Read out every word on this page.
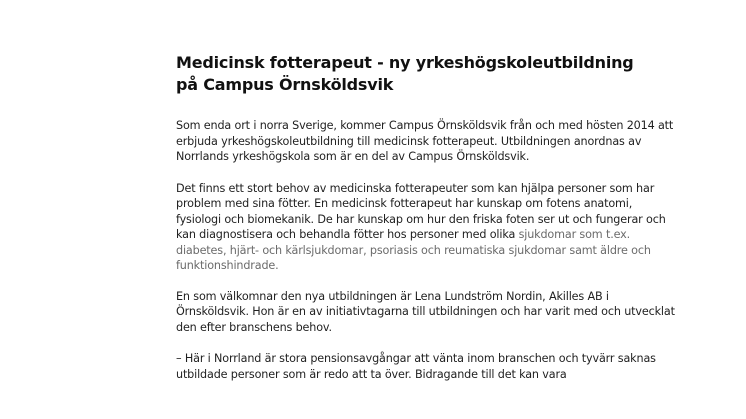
Medicinsk fotterapeut - ny yrkeshögskoleutbildning
på Campus Örnsköldsvik

Som enda ort i norra Sverige, kommer Campus Örnsköldsvik från och med hösten 2014 att erbjuda yrkeshögskoleutbildning till medicinsk fotterapeut. Utbildningen anordnas av Norrlands yrkeshögskola som är en del av Campus Örnsköldsvik.

Det finns ett stort behov av medicinska fotterapeuter som kan hjälpa personer som har problem med sina fötter. En medicinsk fotterapeut har kunskap om fotens anatomi, fysiologi och biomekanik. De har kunskap om hur den friska foten ser ut och fungerar och kan diagnostisera och behandla fötter hos personer med olika sjukdomar som t.ex. diabetes, hjärt- och kärlsjukdomar, psoriasis och reumatiska sjukdomar samt äldre och funktionshindrade.

En som välkomnar den nya utbildningen är Lena Lundström Nordin, Akilles AB i Örnsköldsvik. Hon är en av initiativtagarna till utbildningen och har varit med och utvecklat den efter branschens behov.

– Här i Norrland är stora pensionsavgångar att vänta inom branschen och tyvärr saknas utbildade personer som är redo att ta över. Bidragande till det kan vara
